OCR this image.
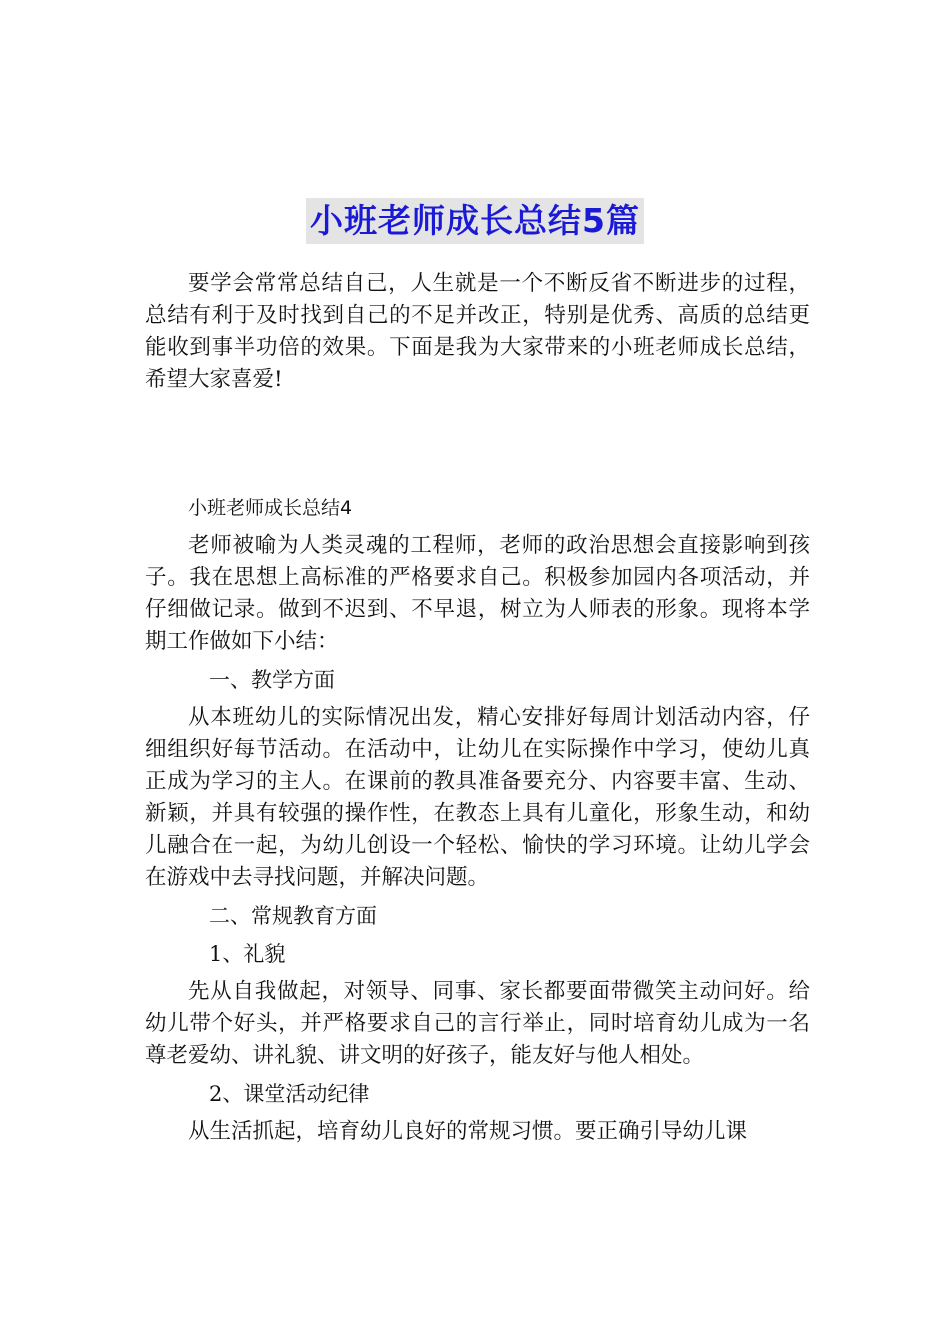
小班老师成长总结5篇

要学会常常总结自己，人生就是一个不断反省不断进步的过程，总结有利于及时找到自己的不足并改正，特别是优秀、高质的总结更能收到事半功倍的效果。下面是我为大家带来的小班老师成长总结，希望大家喜爱!

小班老师成长总结4

老师被喻为人类灵魂的工程师，老师的政治思想会直接影响到孩子。我在思想上高标准的严格要求自己。积极参加园内各项活动，并仔细做记录。做到不迟到、不早退，树立为人师表的形象。现将本学期工作做如下小结：

一、教学方面

从本班幼儿的实际情况出发，精心安排好每周计划活动内容，仔细组织好每节活动。在活动中，让幼儿在实际操作中学习，使幼儿真正成为学习的主人。在课前的教具准备要充分、内容要丰富、生动、新颖，并具有较强的操作性，在教态上具有儿童化，形象生动，和幼儿融合在一起，为幼儿创设一个轻松、愉快的学习环境。让幼儿学会在游戏中去寻找问题，并解决问题。

二、常规教育方面

1、礼貌

先从自我做起，对领导、同事、家长都要面带微笑主动问好。给幼儿带个好头，并严格要求自己的言行举止，同时培育幼儿成为一名尊老爱幼、讲礼貌、讲文明的好孩子，能友好与他人相处。

2、课堂活动纪律

从生活抓起，培育幼儿良好的常规习惯。要正确引导幼儿课
